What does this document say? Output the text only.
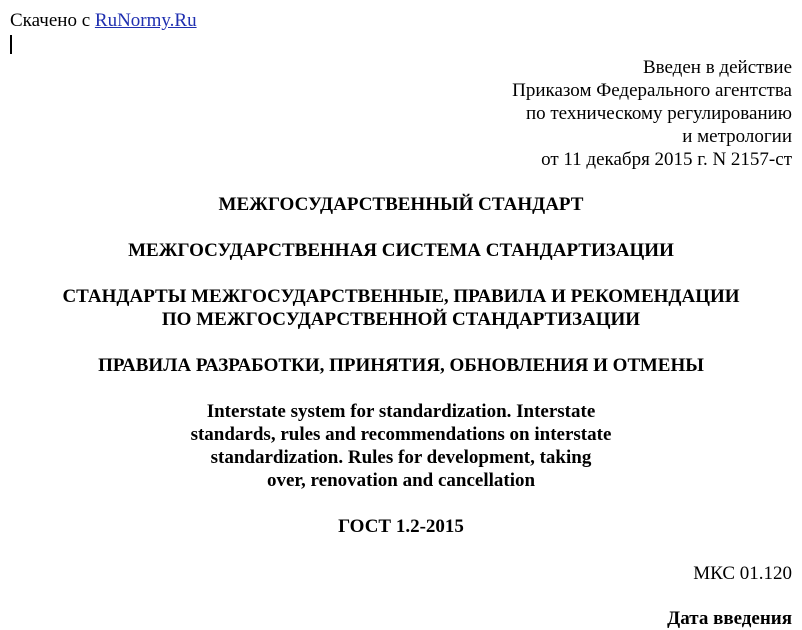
Скачено с RuNormy.Ru
Введен в действие
Приказом Федерального агентства
по техническому регулированию
и метрологии
от 11 декабря 2015 г. N 2157-ст
МЕЖГОСУДАРСТВЕННЫЙ СТАНДАРТ
МЕЖГОСУДАРСТВЕННАЯ СИСТЕМА СТАНДАРТИЗАЦИИ
СТАНДАРТЫ МЕЖГОСУДАРСТВЕННЫЕ, ПРАВИЛА И РЕКОМЕНДАЦИИ
ПО МЕЖГОСУДАРСТВЕННОЙ СТАНДАРТИЗАЦИИ
ПРАВИЛА РАЗРАБОТКИ, ПРИНЯТИЯ, ОБНОВЛЕНИЯ И ОТМЕНЫ
Interstate system for standardization. Interstate
standards, rules and recommendations on interstate
standardization. Rules for development, taking
over, renovation and cancellation
ГОСТ 1.2-2015
МКС 01.120
Дата введения
